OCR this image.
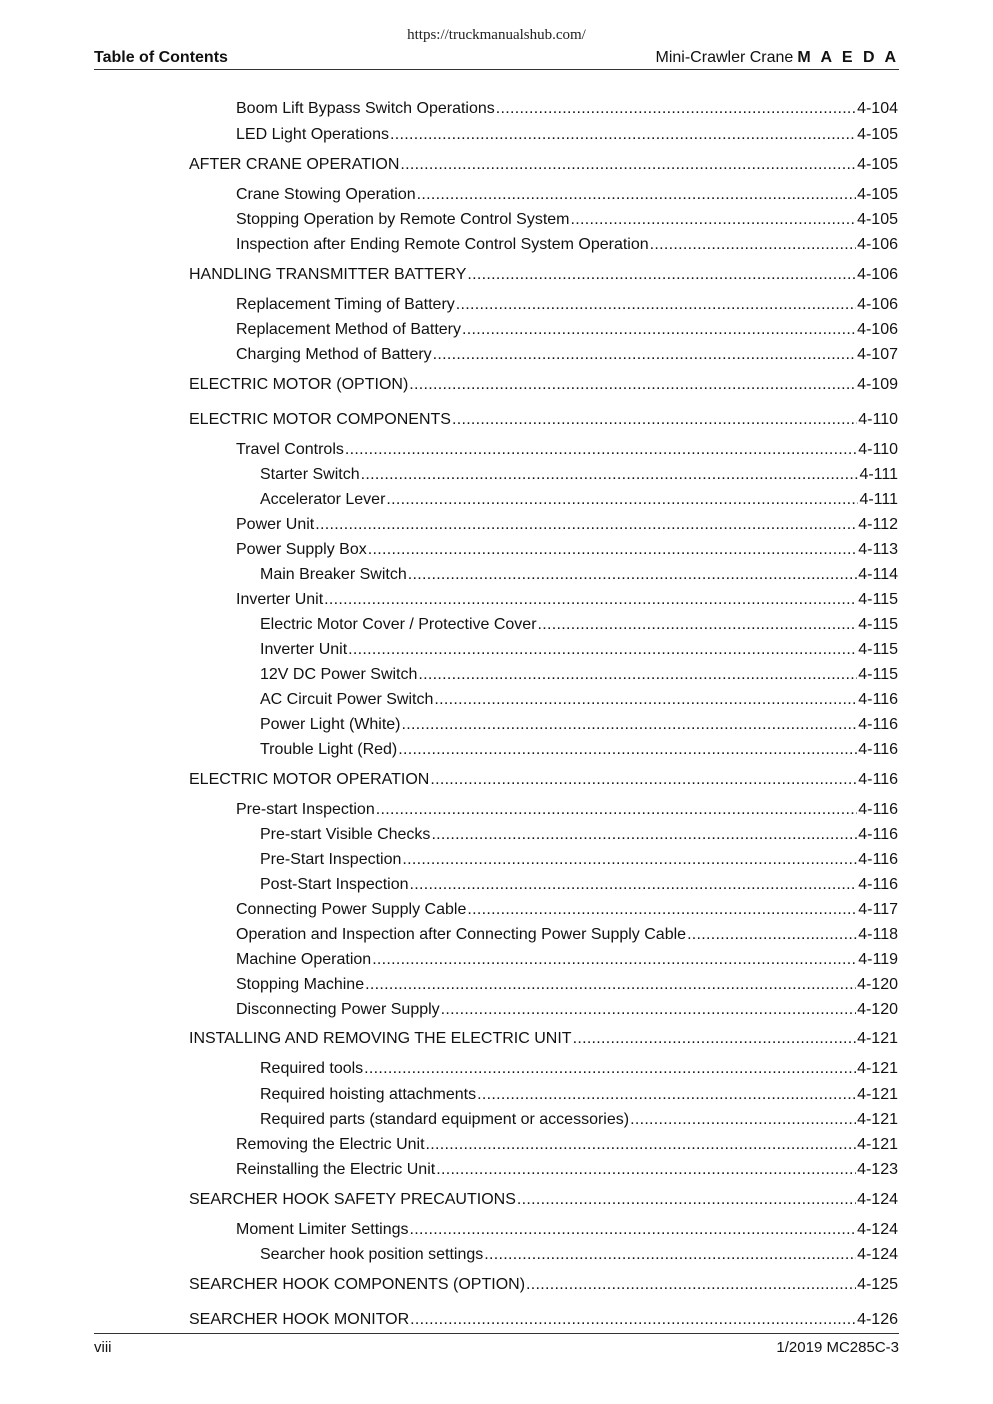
https://truckmanualshub.com/
Table of Contents	Mini-Crawler Crane M A E D A
Boom Lift Bypass Switch Operations .....	4-104
LED Light Operations .....	4-105
AFTER CRANE OPERATION .....	4-105
Crane Stowing Operation .....	4-105
Stopping Operation by Remote Control System .....	4-105
Inspection after Ending Remote Control System Operation .....	4-106
HANDLING TRANSMITTER BATTERY .....	4-106
Replacement Timing of Battery .....	4-106
Replacement Method of Battery .....	4-106
Charging Method of Battery .....	4-107
ELECTRIC MOTOR (OPTION) .....	4-109
ELECTRIC MOTOR COMPONENTS .....	4-110
Travel Controls .....	4-110
Starter Switch .....	4-111
Accelerator Lever .....	4-111
Power Unit .....	4-112
Power Supply Box .....	4-113
Main Breaker Switch .....	4-114
Inverter Unit .....	4-115
Electric Motor Cover / Protective Cover .....	4-115
Inverter Unit .....	4-115
12V DC Power Switch .....	4-115
AC Circuit Power Switch .....	4-116
Power Light (White) .....	4-116
Trouble Light (Red) .....	4-116
ELECTRIC MOTOR OPERATION .....	4-116
Pre-start Inspection .....	4-116
Pre-start Visible Checks .....	4-116
Pre-Start Inspection .....	4-116
Post-Start Inspection .....	4-116
Connecting Power Supply Cable .....	4-117
Operation and Inspection after Connecting Power Supply Cable .....	4-118
Machine Operation .....	4-119
Stopping Machine .....	4-120
Disconnecting Power Supply .....	4-120
INSTALLING AND REMOVING THE ELECTRIC UNIT .....	4-121
Required tools .....	4-121
Required hoisting attachments .....	4-121
Required parts (standard equipment or accessories) .....	4-121
Removing the Electric Unit .....	4-121
Reinstalling the Electric Unit .....	4-123
SEARCHER HOOK SAFETY PRECAUTIONS .....	4-124
Moment Limiter Settings .....	4-124
Searcher hook position settings .....	4-124
SEARCHER HOOK COMPONENTS (OPTION) .....	4-125
SEARCHER HOOK MONITOR .....	4-126
viii	1/2019 MC285C-3
